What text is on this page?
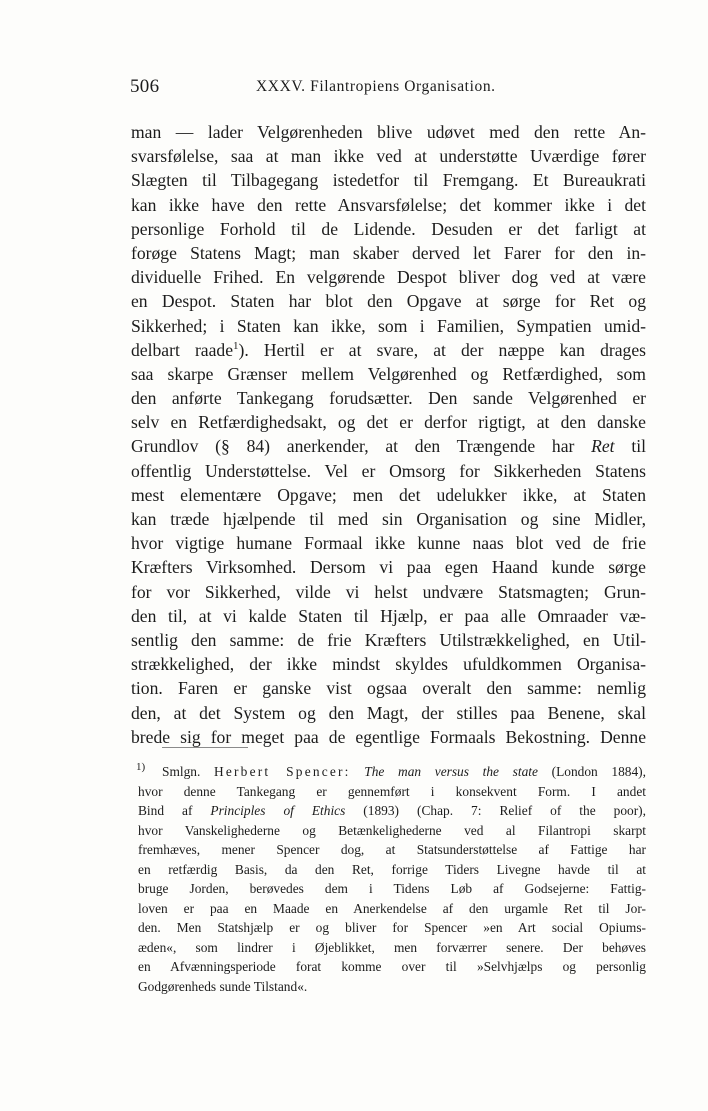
506	XXXV. Filantropiens Organisation.
man — lader Velgørenheden blive udøvet med den rette An-
svarsfølelse, saa at man ikke ved at understøtte Uværdige fører
Slægten til Tilbagegang istedetfor til Fremgang. Et Bureaukrati
kan ikke have den rette Ansvarsfølelse; det kommer ikke i det
personlige Forhold til de Lidende. Desuden er det farligt at
forøge Statens Magt; man skaber derved let Farer for den in-
dividuelle Frihed. En velgørende Despot bliver dog ved at være
en Despot. Staten har blot den Opgave at sørge for Ret og
Sikkerhed; i Staten kan ikke, som i Familien, Sympatien umid-
delbart raade$^1$). Hertil er at svare, at der næppe kan drages
saa skarpe Grænser mellem Velgørenhed og Retfærdighed, som
den anførte Tankegang forudsætter. Den sande Velgørenhed er
selv en Retfærdighedsakt, og det er derfor rigtigt, at den danske
Grundlov (§ 84) anerkender, at den Trængende har Ret til
offentlig Understøttelse. Vel er Omsorg for Sikkerheden Statens
mest elementære Opgave; men det udelukker ikke, at Staten
kan træde hjælpende til med sin Organisation og sine Midler,
hvor vigtige humane Formaal ikke kunne naas blot ved de frie
Kræfters Virksomhed. Dersom vi paa egen Haand kunde sørge
for vor Sikkerhed, vilde vi helst undvære Statsmagten; Grun-
den til, at vi kalde Staten til Hjælp, er paa alle Omraader væ-
sentlig den samme: de frie Kræfters Utilstrækkelighed, en Util-
strækkelighed, der ikke mindst skyldes ufuldkommen Organisa-
tion. Faren er ganske vist ogsaa overalt den samme: nemlig
den, at det System og den Magt, der stilles paa Benene, skal
brede sig for meget paa de egentlige Formaals Bekostning. Denne
1)	Smlgn. Herbert Spencer: The man versus the state (London 1884),
hvor denne Tankegang er gennemført i konsekvent Form. I andet
Bind af Principles of Ethics (1893) (Chap. 7: Relief of the poor),
hvor Vanskelighederne og Betænkelighederne ved al Filantropi skarpt
fremhæves, mener Spencer dog, at Statsunderstøttelse af Fattige har
en retfærdig Basis, da den Ret, forrige Tiders Livegne havde til at
bruge Jorden, berøvedes dem i Tidens Løb af Godsejerne: Fattig-
loven er paa en Maade en Anerkendelse af den urgamle Ret til Jor-
den. Men Statshjælp er og bliver for Spencer »en Art social Opiums-
æden«, som lindrer i Øjeblikket, men forværrer senere. Der behøves
en Afvænningsperiode forat komme over til »Selvhjælps og personlig
Godgørenheds sunde Tilstand«.
